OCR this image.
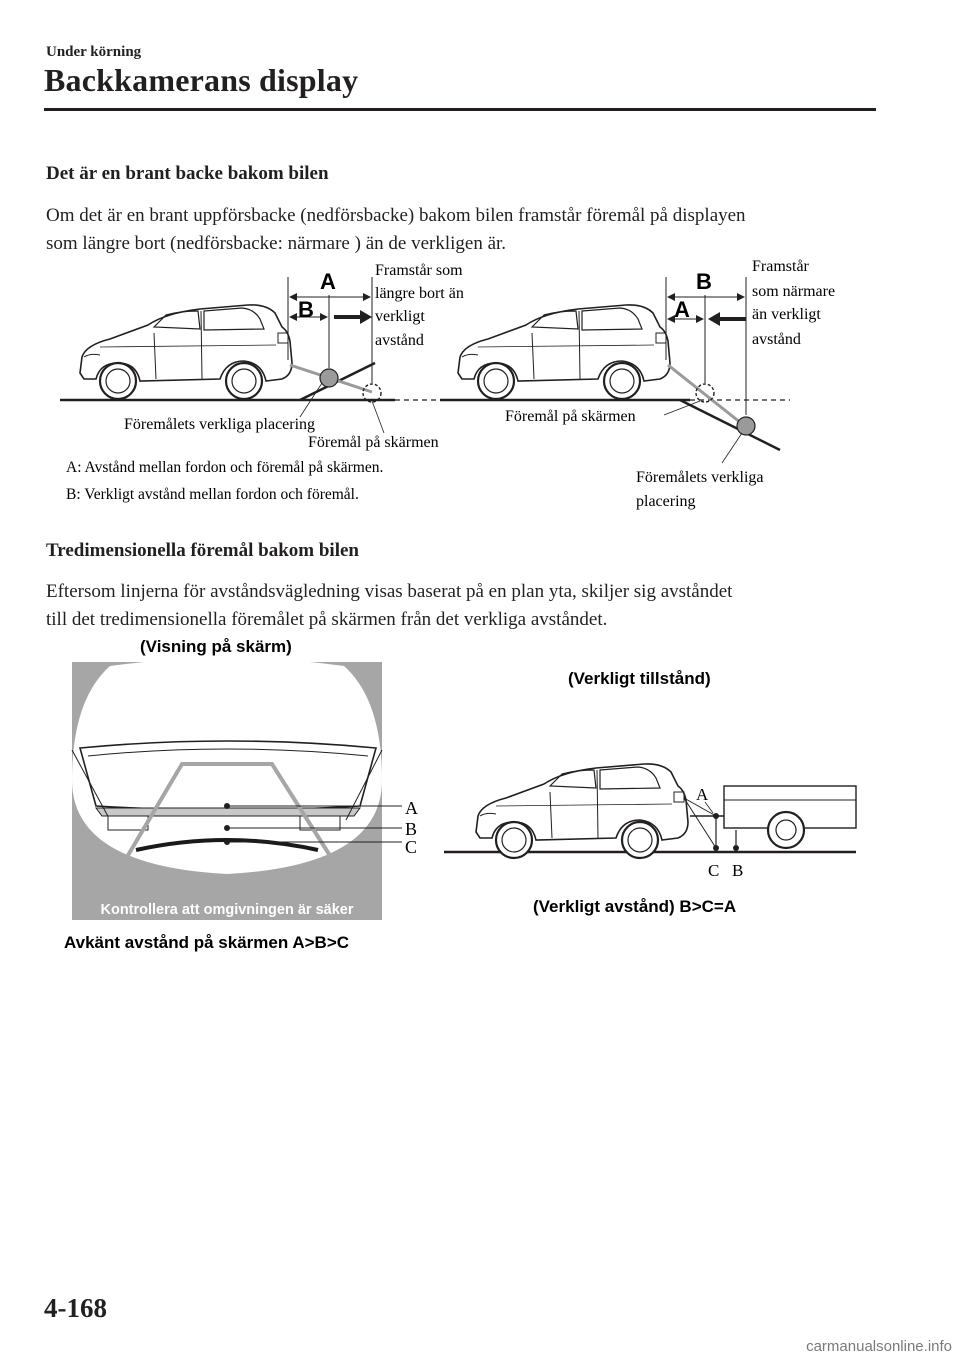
Under körning
Backkamerans display
Det är en brant backe bakom bilen
Om det är en brant uppförsbacke (nedförsbacke) bakom bilen framstår föremål på displayen
som längre bort (nedförsbacke: närmare ) än de verkligen är.
A
B
Framstår som
längre bort än
verkligt
avstånd
Föremålets verkliga placering
Föremål på skärmen
A: Avstånd mellan fordon och föremål på skärmen.
B: Verkligt avstånd mellan fordon och föremål.
B
A
Framstår
som närmare
än verkligt
avstånd
Föremål på skärmen
Föremålets verkliga
placering
Tredimensionella föremål bakom bilen
Eftersom linjerna för avståndsvägledning visas baserat på en plan yta, skiljer sig avståndet
till det tredimensionella föremålet på skärmen från det verkliga avståndet.
(Visning på skärm)
Kontrollera att omgivningen är säker
A
B
C
Avkänt avstånd på skärmen A>B>C
(Verkligt tillstånd)
A
C B
(Verkligt avstånd) B>C=A
4-168
carmanualsonline.info
